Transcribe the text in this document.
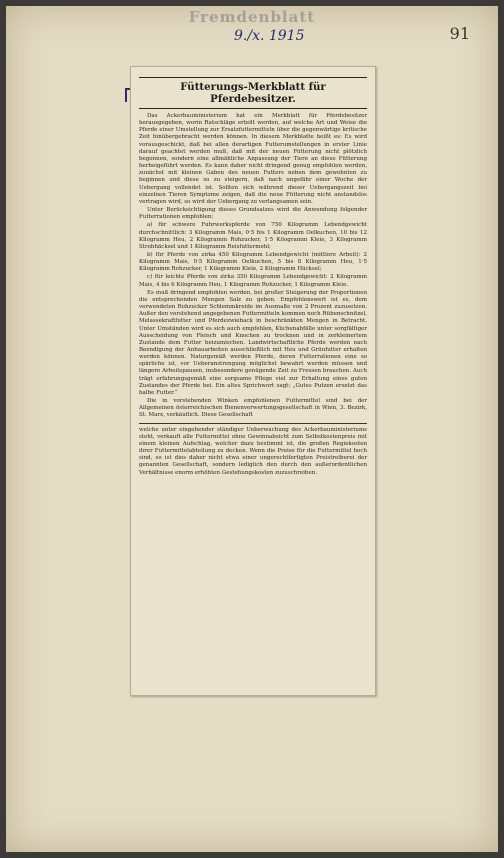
Fremdenblatt
9./x. 1915	91
Fütterungs-Merkblatt für Pferdebesitzer.

Das Ackerbauministerium hat ein Merkblatt für Pferdebesitzer herausgegeben, worin Ratschläge erteilt werden, auf welche Art und Weise die Pferde einer Umstellung zur Ersatzfuttermitteln über die gegenwärtige kritische Zeit hinübergebracht werden können. In diesem Merkblatte heißt es: Es wird vorausgeschickt, daß bei allen derartigen Futterumstellungen in erster Linie darauf geachtet werden muß, daß mit der neuen Fütterung nicht plötzlich begonnen, sondern eine allmähliche Anpassung der Tiere an diese Fütterung herbeigeführt werden. Es kann daher nicht dringend genug empfohlen werden, zunächst mit kleinen Gaben des neuen Futters neben dem gewohnten zu beginnen und diese so zu steigern, daß nach ungefähr einer Woche der Uebergang vollendet ist. Sollten sich während dieser Uebergangszeit bei einzelnen Tieren Symptome zeigen, daß die neue Fütterung nicht anstandslos vertragen wird, so wird der Uebergang zu verlangsamen sein.

Unter Berücksichtigung dieses Grundsatzes wird die Anwendung folgender Futterrationen empfohlen:

a) für schwere Fuhrwerkspferde von 750 Kilogramm Lebendgewicht durchschnittlich: 3 Kilogramm Mais, 0·5 bis 1 Kilogramm Oelkuchen, 10 bis 12 Kilogramm Heu, 2 Kilogramm Rohzucker, 1·5 Kilogramm Kleie, 3 Kilogramm Strohhäcksel und 1 Kilogramm Reisfuttermehl;

b) für Pferde von zirka 450 Kilogramm Lebendgewicht (mittlere Arbeit): 2 Kilogramm Mais, 0·5 Kilogramm Oelkuchen, 5 bis 8 Kilogramm Heu, 1·5 Kilogramm Rohzucker, 1 Kilogramm Kleie, 2 Kilogramm Häcksel;

c) für leichte Pferde von zirka 350 Kilogramm Lebendgewicht: 2 Kilogramm Mais, 4 bis 6 Kilogramm Heu, 1 Kilogramm Rohzucker, 1 Kilogramm Kleie.

Es muß dringend empfohlen werden, bei großer Steigerung der Proportionen die entsprechenden Mengen Salz zu geben. Empfehlenswert ist es, dem verwendeten Rohzucker Schlemmkreide im Ausmaße von 2 Prozent zuzusetzen. Außer den vorstehend angegebenen Futtermitteln kommen noch Rübenschnitzel, Melassekraftfutter und Pferdezwieback in beschränkten Mengen in Betracht. Unter Umständen wird es sich auch empfehlen, Küchenabfälle unter sorgfältiger Ausscheidung von Fleisch und Knochen zu trocknen und in zerkleinertem Zustande dem Futter beizumischen. Landwirtschaftliche Pferde werden nach Beendigung der Anbauarbeiten ausschließlich mit Heu und Grünfutter erhalten werden können. Naturgemäß werden Pferde, deren Futterrationen eine so spärliche ist, vor Ueberanstrengung möglichst bewahrt werden müssen und längere Arbeitspausen, insbesondere genügende Zeit zu Fressen brauchen. Auch trägt erfahrungsgemäß eine sorgsame Pflege viel zur Erhaltung eines guten Zustandes der Pferde bei. Ein altes Sprichwort sagt: „Gutes Putzen ersetzt das halbe Futter.“

Die in vorstehenden Winken empfohlenen Futtermittel sind bei der Allgemeinen österreichischen Bienenverwertungsgesellschaft in Wien, 3. Bezirk, St. Marx, verkäuflich. Diese Gesellschaft

welche unter eingehender ständiger Ueberwachung des Ackerbauministeriums steht, verkauft alle Futtermittel ohne Gewinnabsicht zum Selbstkostenpreis mit einem kleinen Aufschlag, welcher dazu bestimmt ist, die großen Regiekosten ihrer Futtermittelabteilung zu decken. Wenn die Preise für die Futtermittel hoch sind, so ist dies daher nicht etwa einer ungerechtfertigten Preistreiberei der genannten Gesellschaft, sondern lediglich den durch den außerordentlichen Verhältnisse enorm erhöhten Gestehungskosten zuzuschreiben.
